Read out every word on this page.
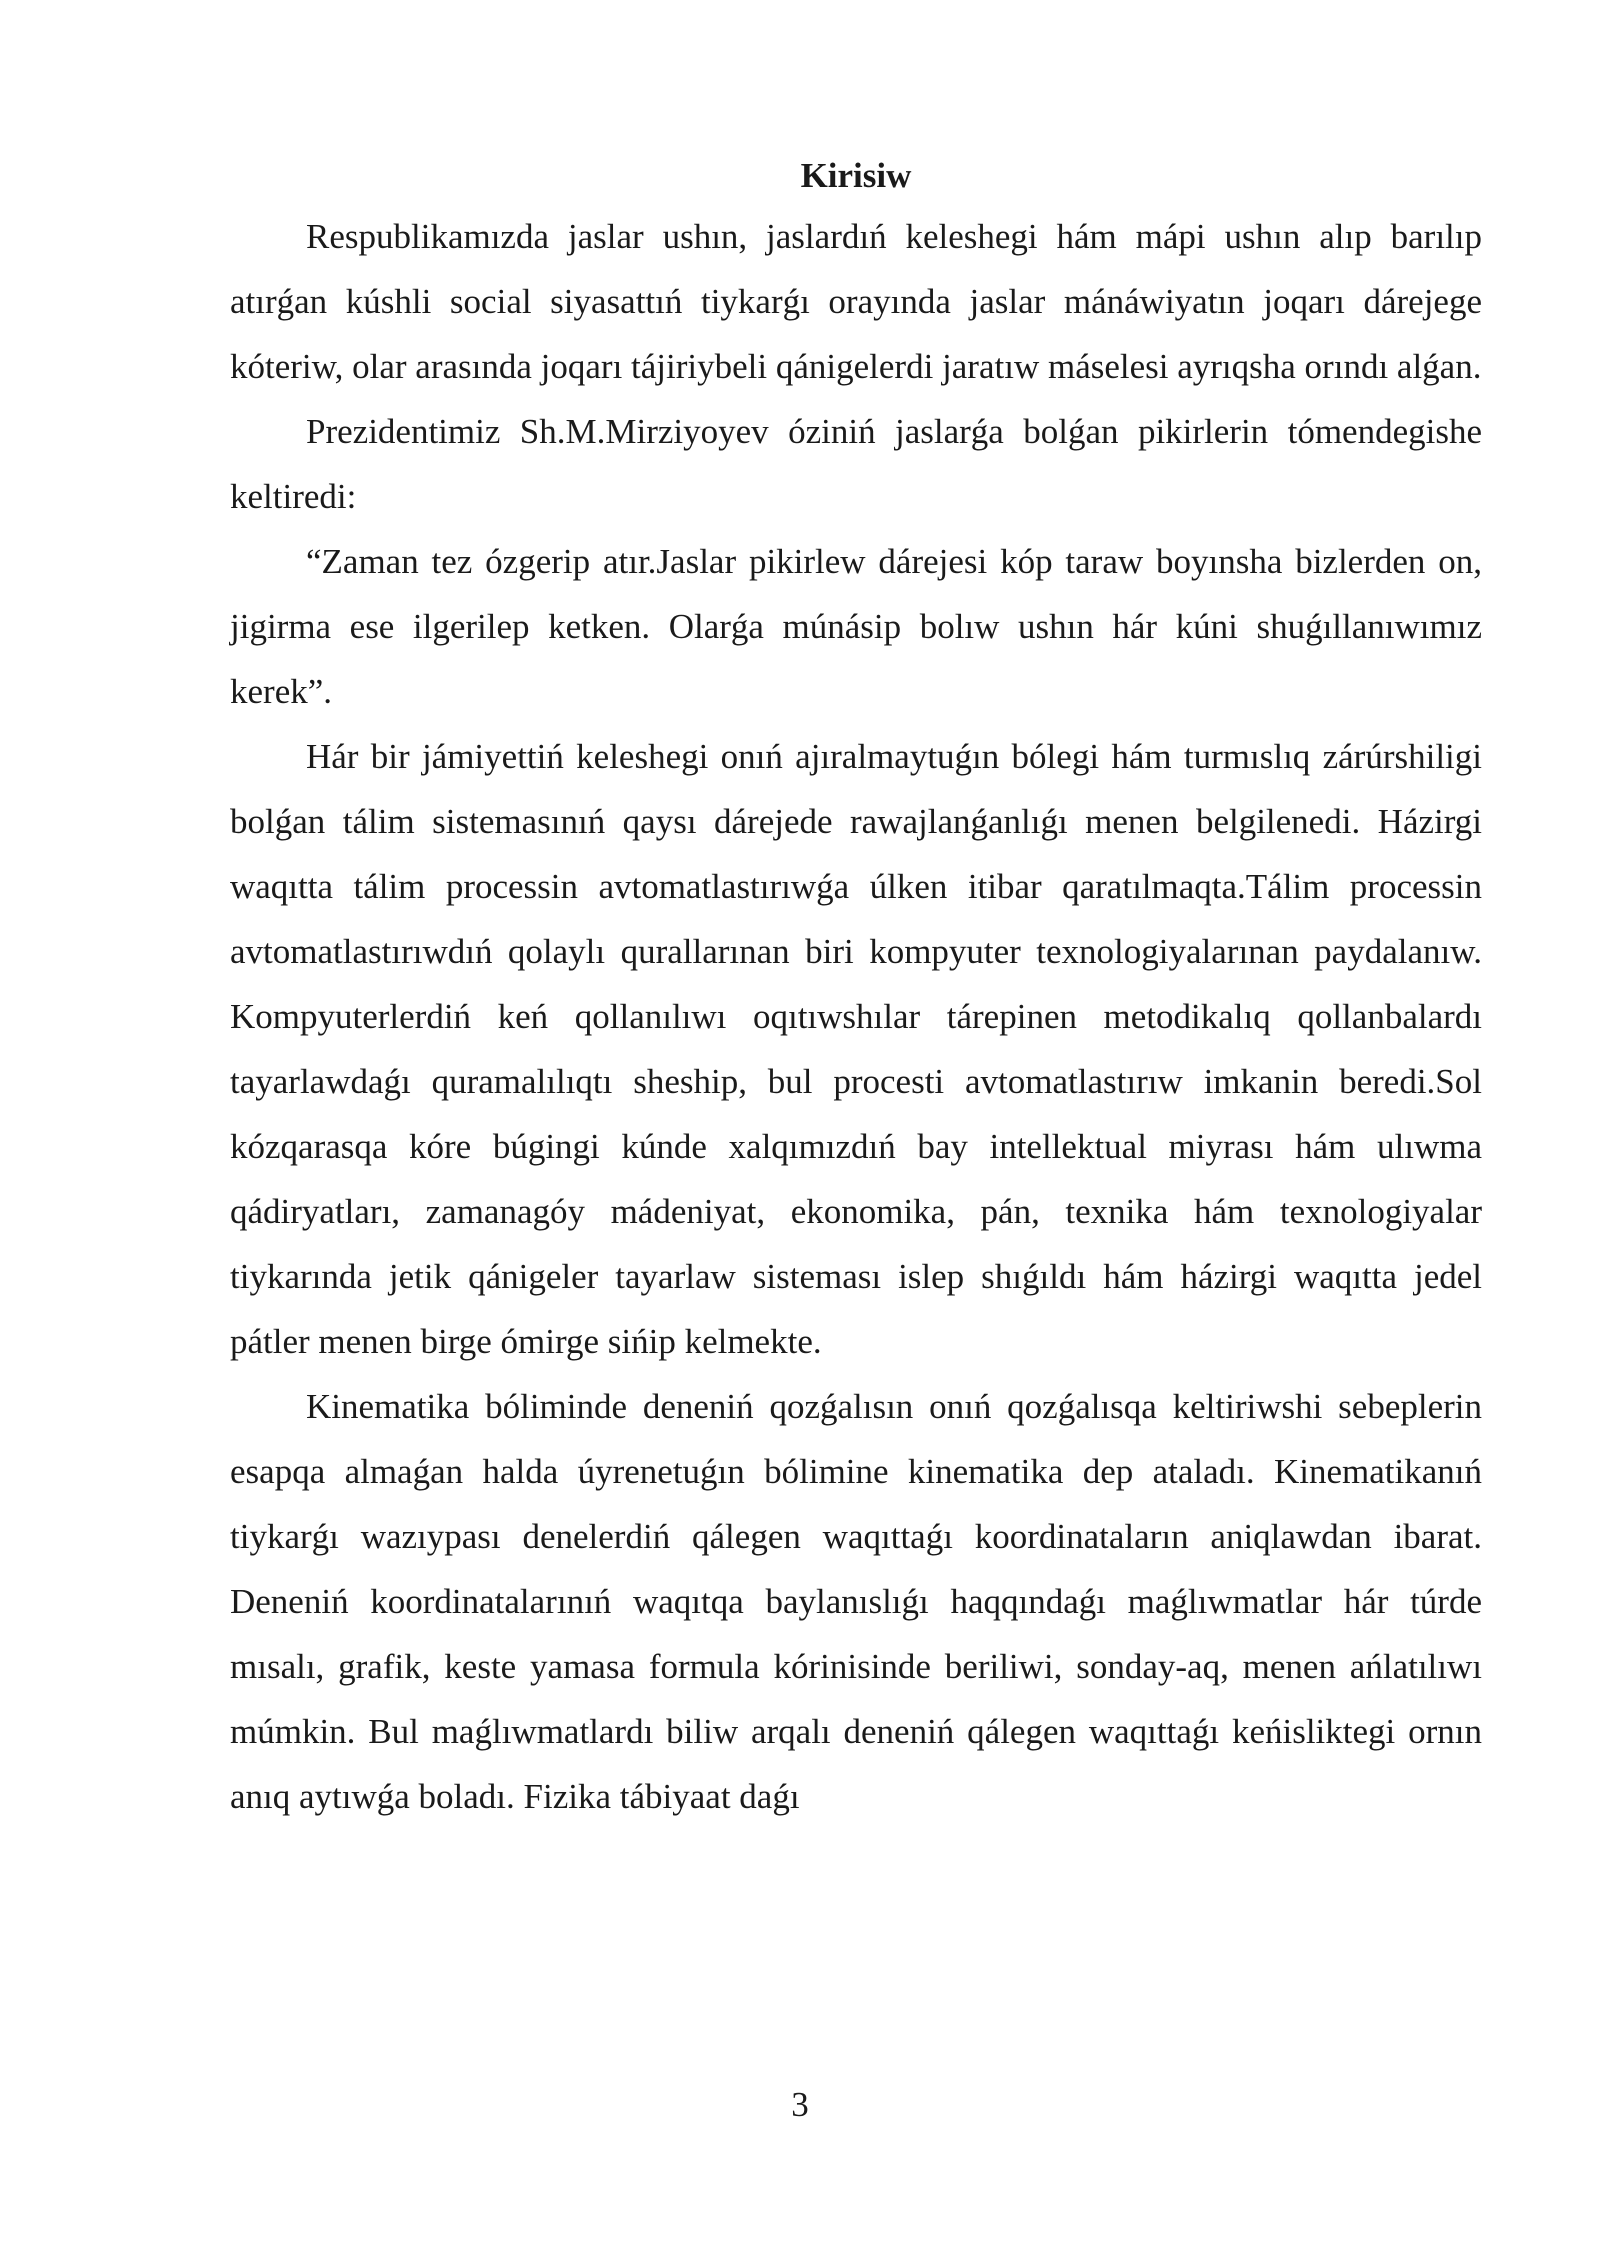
Kirisiw

Respublikamızda jaslar ushın, jaslardıń keleshegi hám mápi ushın alıp barılıp atırǵan kúshli social siyasattıń tiykarǵı orayında jaslar mánáwiyatın joqarı dárejege kóteriw, olar arasında joqarı tájiriybeli qánigelerdi jaratıw máselesi ayrıqsha orındı alǵan.

Prezidentimiz Sh.M.Mirziyoyev óziniń jaslarǵa bolǵan pikirlerin tómendegishe keltiredi:

“Zaman tez ózgerip atır.Jaslar pikirlew dárejesi kóp taraw boyınsha bizlerden on, jigirma ese ilgerilep ketken. Olarǵa múnásip bolıw ushın hár kúni shuǵıllanıwımız kerek”.

Hár bir jámiyettiń keleshegi onıń ajıralmaytuǵın bólegi hám turmıslıq zárúrshiligi bolǵan tálim sistemasınıń qaysı dárejede rawajlanǵanlıǵı menen belgilenedi. Házirgi waqıtta tálim processin avtomatlastırıwǵa úlken itibar qaratılmaqta.Tálim processin avtomatlastırıwdıń qolaylı qurallarınan biri kompyuter texnologiyalarınan paydalanıw. Kompyuterlerdiń keń qollanılıwı oqıtıwshılar tárepinen metodikalıq qollanbalardı tayarlawdaǵı quramalılıqtı sheship, bul procesti avtomatlastırıw imkanin beredi.Sol kózqarasqa kóre búgingi kúnde xalqımızdıń bay intellektual miyrası hám ulıwma qádiryatları, zamanagóy mádeniyat, ekonomika, pán, texnika hám texnologiyalar tiykarında jetik qánigeler tayarlaw sisteması islep shıǵıldı hám házirgi waqıtta jedel pátler menen birge ómirge sińip kelmekte.

Kinematika bóliminde deneniń qozǵalısın onıń qozǵalısqa keltiriwshi sebeplerin esapqa almaǵan halda úyrenetuǵın bólimine kinematika dep ataladı. Kinematikanıń tiykarǵı wazıypası denelerdiń qálegen waqıttaǵı koordinataların aniqlawdan ibarat. Deneniń koordinatalarınıń waqıtqa baylanıslıǵı haqqındaǵı maǵlıwmatlar hár túrde mısalı, grafik, keste yamasa formula kórinisinde beriliwi, sonday-aq, menen ańlatılıwı múmkin. Bul maǵlıwmatlardı biliw arqalı deneniń qálegen waqıttaǵı keńisliktegi ornın anıq aytıwǵa boladı. Fizika tábiyaat daǵı

3
